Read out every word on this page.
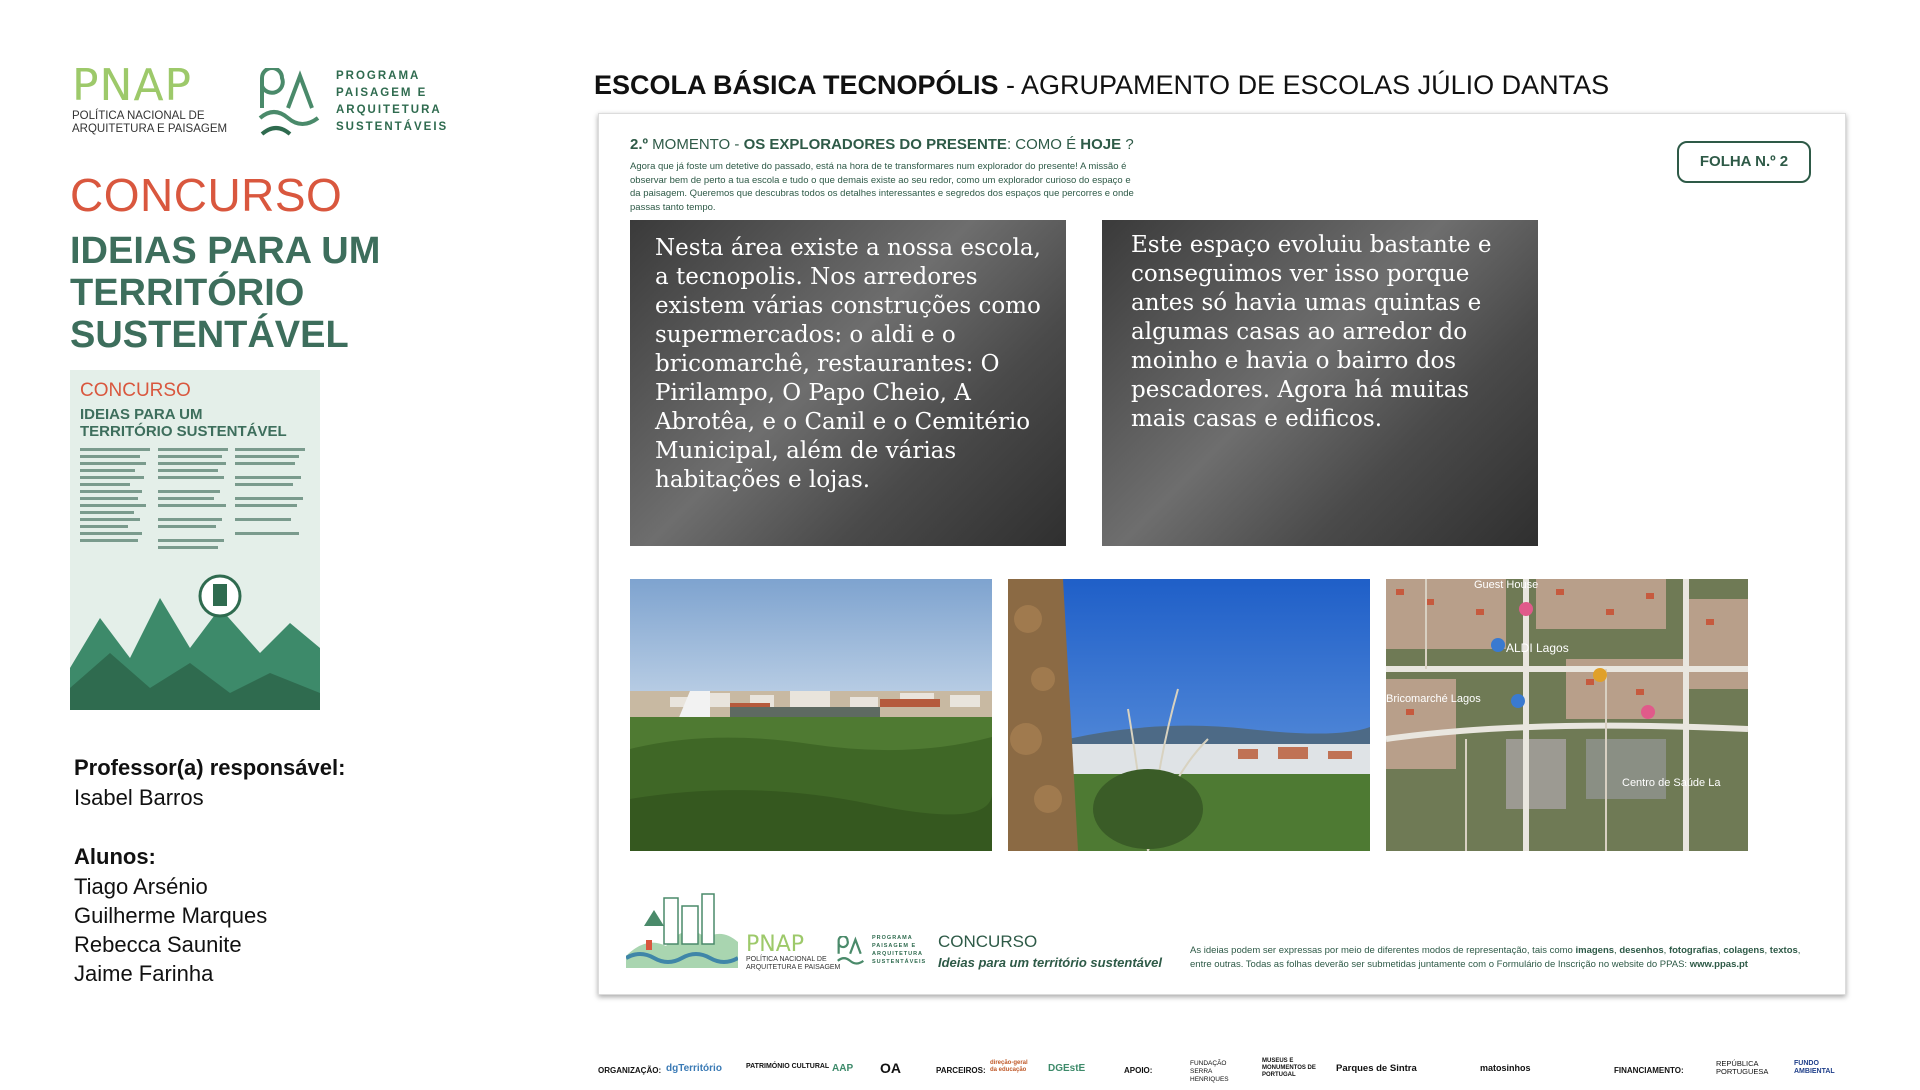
PNAP
POLÍTICA NACIONAL DE
ARQUITETURA E PAISAGEM
PROGRAMA
PAISAGEM E
ARQUITETURA
SUSTENTÁVEIS
CONCURSO
IDEIAS PARA UM
TERRITÓRIO
SUSTENTÁVEL
CONCURSO
IDEIAS PARA UM
TERRITÓRIO SUSTENTÁVEL
Professor(a) responsável:
Isabel Barros
Alunos:
Tiago Arsénio
Guilherme Marques
Rebecca Saunite
Jaime Farinha
ESCOLA BÁSICA TECNOPÓLIS - AGRUPAMENTO DE ESCOLAS JÚLIO DANTAS
2.º MOMENTO - OS EXPLORADORES DO PRESENTE: COMO É HOJE ?
Agora que já foste um detetive do passado, está na hora de te transformares num explorador do presente! A missão é observar bem de perto a tua escola e tudo o que demais existe ao seu redor, como um explorador curioso do espaço e da paisagem. Queremos que descubras todos os detalhes interessantes e segredos dos espaços que percorres e onde passas tanto tempo.
FOLHA N.º 2
Nesta área existe a nossa escola, a tecnopolis. Nos arredores existem várias construções como supermercados: o aldi e o bricomarchê, restaurantes: O Pirilampo, O Papo Cheio, A Abrotêa, e o Canil e o Cemitério Municipal, além de várias habitações e lojas.
Este espaço evoluiu bastante e conseguimos ver isso porque antes só havia umas quintas e algumas casas ao arredor do moinho e havia o bairro dos pescadores. Agora há muitas mais casas e edificos.
Guest House
ALDI Lagos
Bricomarché Lagos
Centro de Saúde La
PNAP
POLÍTICA NACIONAL DE
ARQUITETURA E PAISAGEM
PROGRAMA
PAISAGEM E
ARQUITETURA
SUSTENTÁVEIS
CONCURSO
Ideias para um território sustentável
As ideias podem ser expressas por meio de diferentes modos de representação, tais como imagens, desenhos, fotografias, colagens, textos, entre outras. Todas as folhas deverão ser submetidas juntamente com o Formulário de Inscrição no website do PPAS: www.ppas.pt
ORGANIZAÇÃO: dgTerritório	PATRIMÓNIO CULTURAL AAP OA	PARCEIROS:
direção-geral da educação	DGEstE	APOIO:
FUNDAÇÃO SERRA HENRIQUES
MUSEUS E MONUMENTOS DE PORTUGAL
Parques de Sintra	matosinhos	FINANCIAMENTO:
REPÚBLICA PORTUGUESA
FUNDO AMBIENTAL
